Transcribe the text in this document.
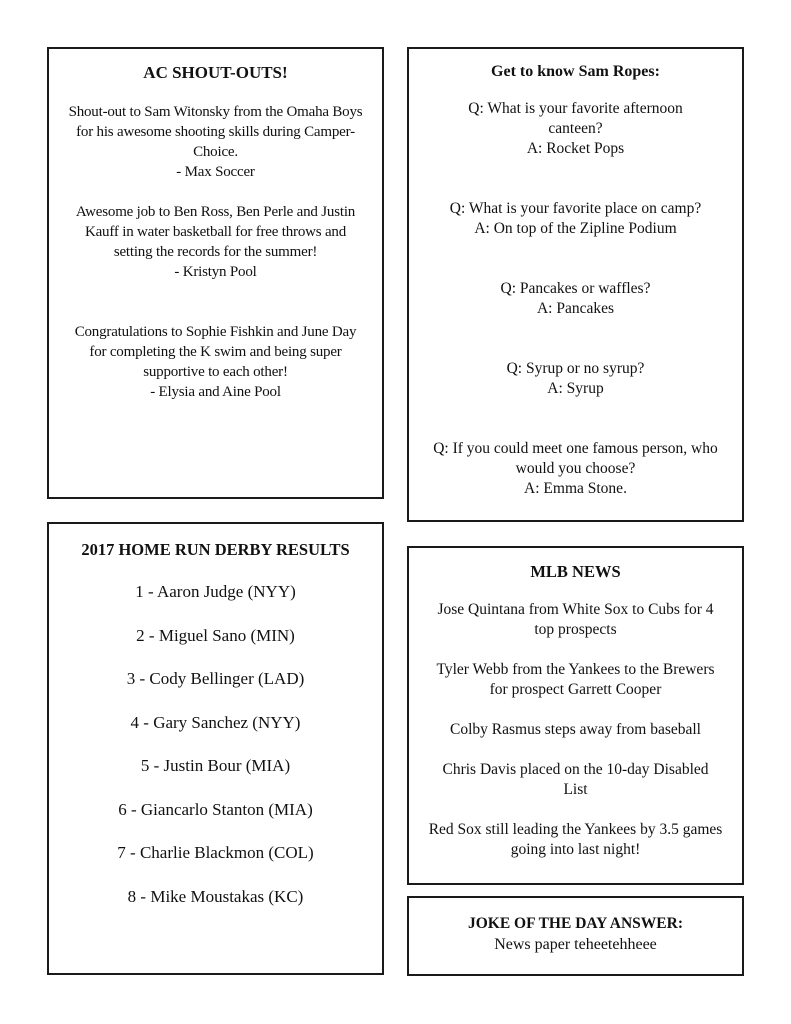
AC SHOUT-OUTS!

Shout-out to Sam Witonsky from the Omaha Boys

for his awesome shooting skills during Camper-

Choice.

- Max Soccer

Awesome job to Ben Ross, Ben Perle and Justin

Kauff in water basketball for free throws and

setting the records for the summer!

- Kristyn Pool

Congratulations to Sophie Fishkin and June Day

for completing the K swim and being super

supportive to each other!

- Elysia and Aine Pool

Get to know Sam Ropes:

Q: What is your favorite afternoon

canteen?

A: Rocket Pops

Q: What is your favorite place on camp?

A: On top of the Zipline Podium

Q: Pancakes or waffles?

A: Pancakes

Q: Syrup or no syrup?

A: Syrup

Q: If you could meet one famous person, who

would you choose?

A: Emma Stone.

2017 HOME RUN DERBY RESULTS
1 - Aaron Judge (NYY)
2 - Miguel Sano (MIN)
3 - Cody Bellinger (LAD)
4 - Gary Sanchez (NYY)
5 - Justin Bour (MIA)
6 - Giancarlo Stanton (MIA)
7 - Charlie Blackmon (COL)
8 - Mike Moustakas (KC)
MLB NEWS

Jose Quintana from White Sox to Cubs for 4

top prospects

Tyler Webb from the Yankees to the Brewers

for prospect Garrett Cooper

Colby Rasmus steps away from baseball

Chris Davis placed on the 10-day Disabled

List

Red Sox still leading the Yankees by 3.5 games

going into last night!

JOKE OF THE DAY ANSWER:
News paper teheetehheee
